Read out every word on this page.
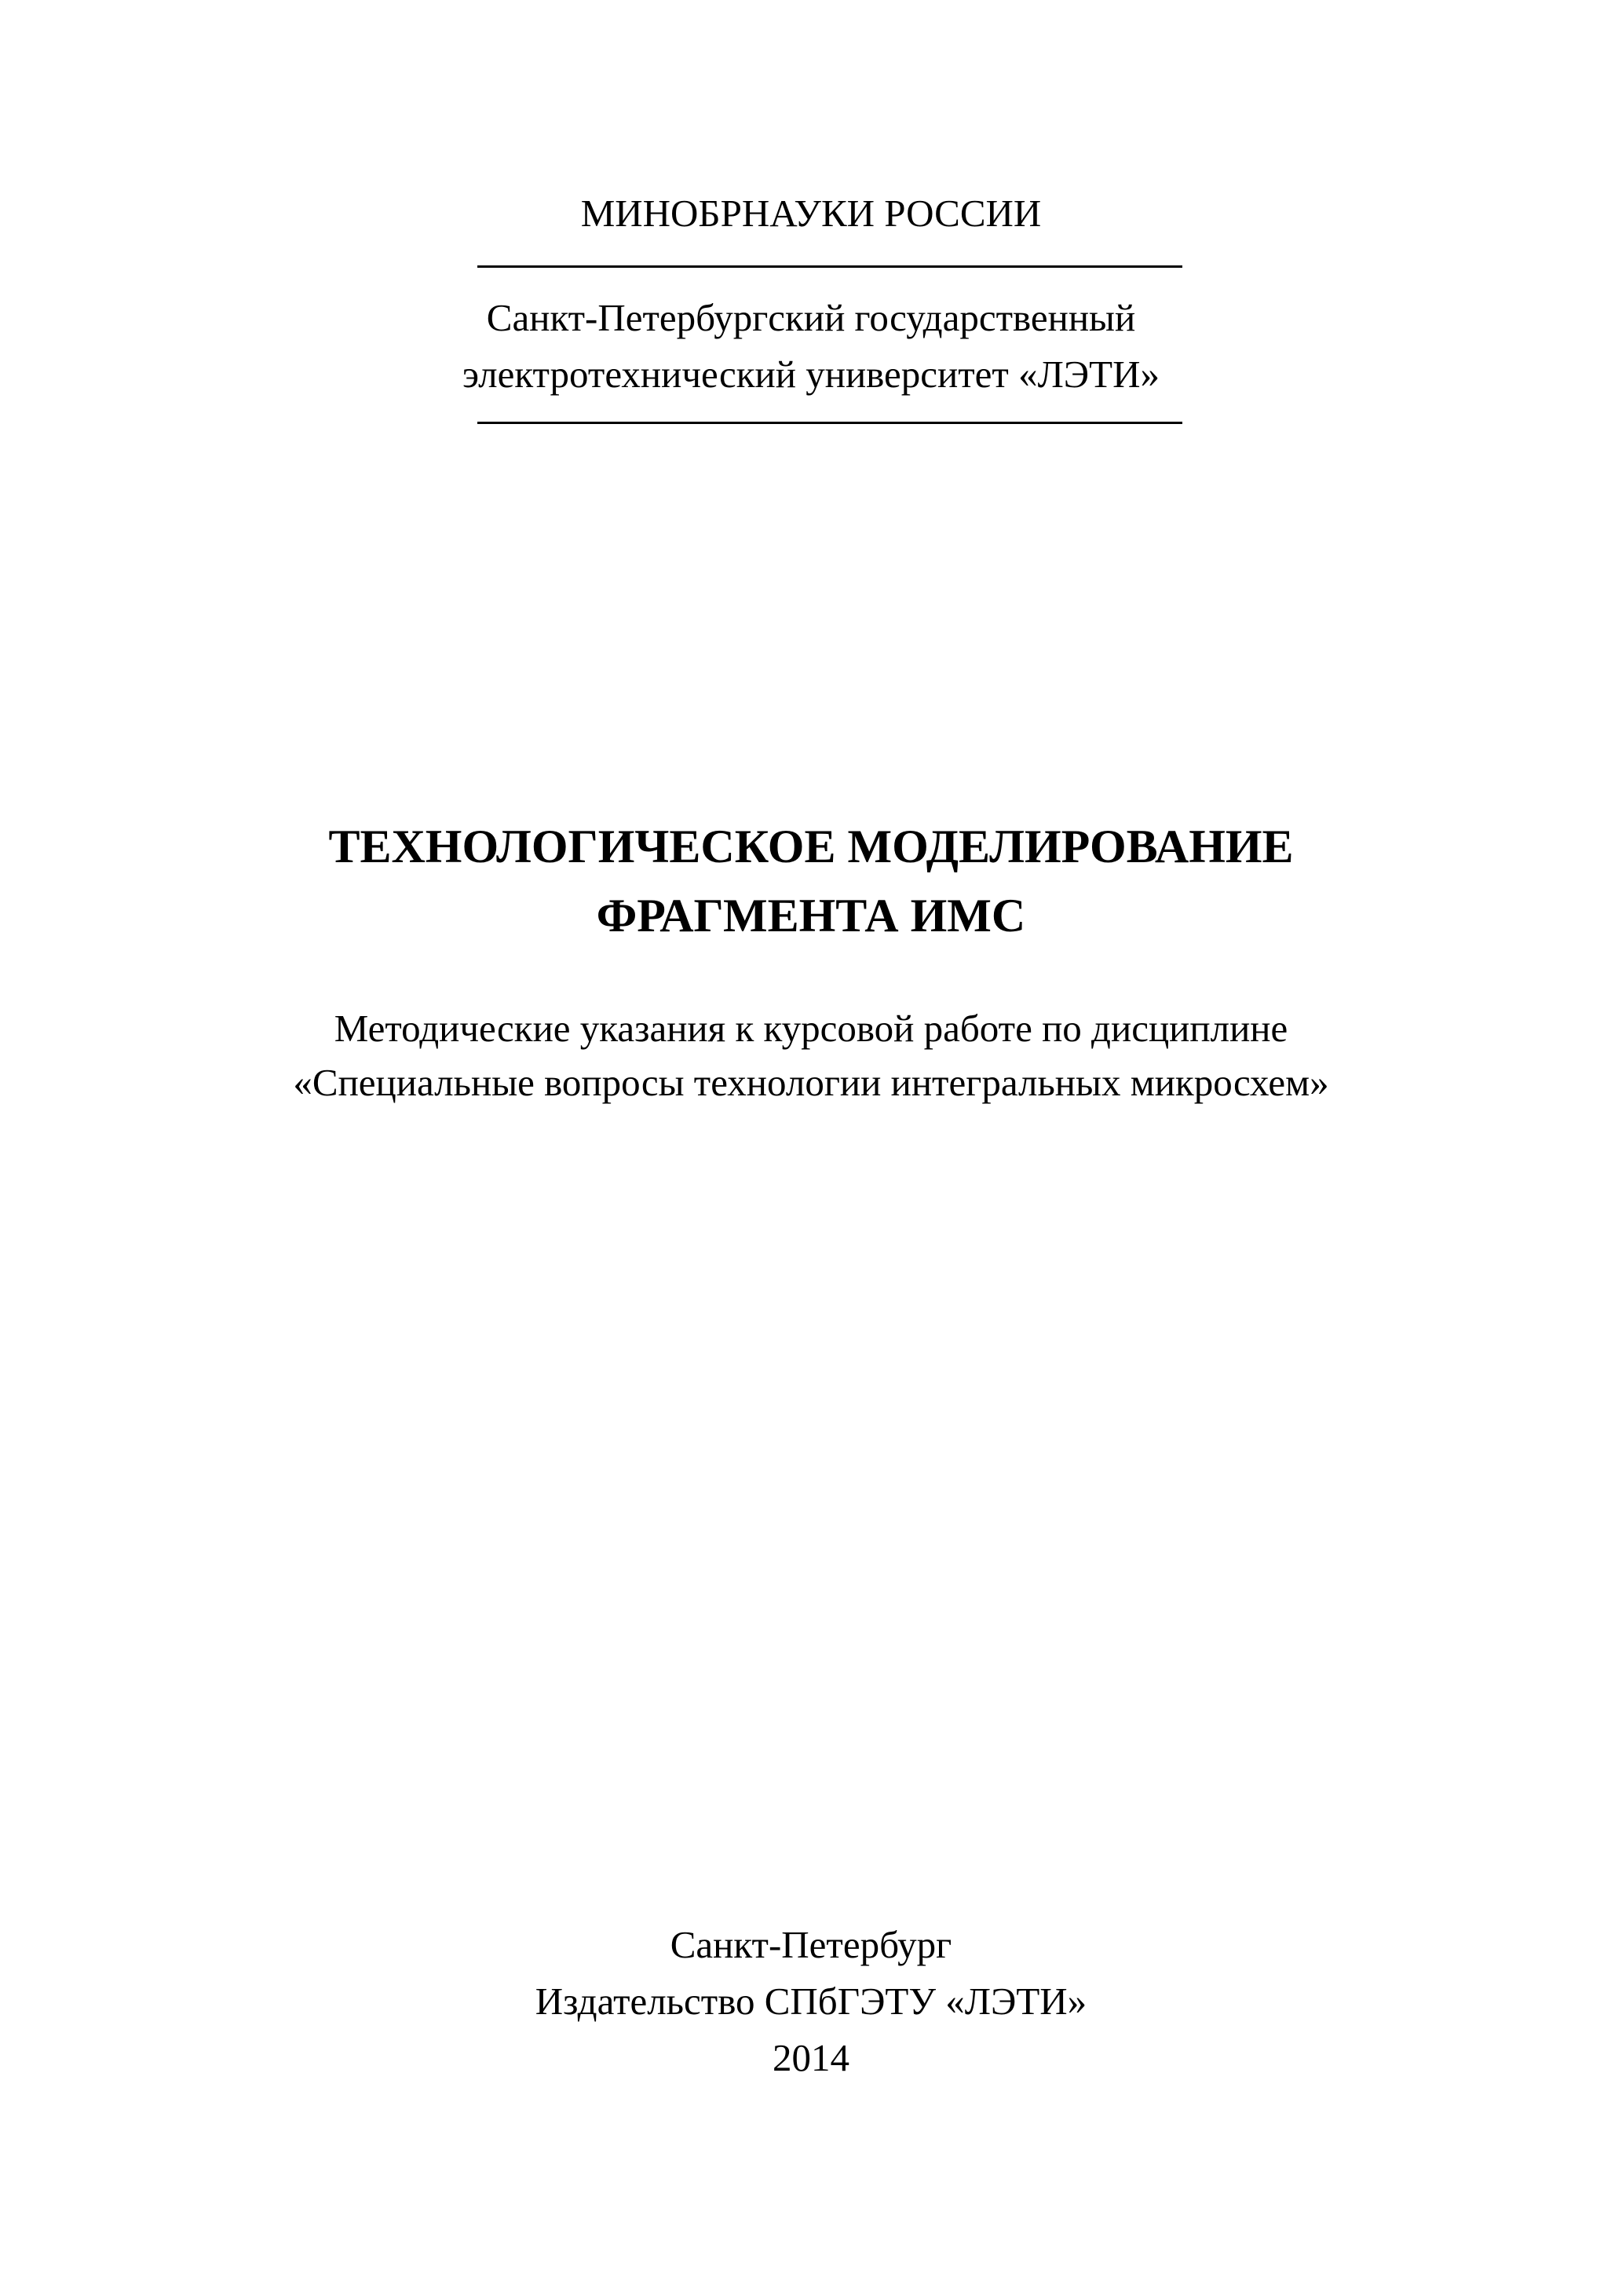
МИНОБРНАУКИ РОССИИ
Санкт-Петербургский государственный
электротехнический университет «ЛЭТИ»
ТЕХНОЛОГИЧЕСКОЕ МОДЕЛИРОВАНИЕ
ФРАГМЕНТА ИМС
Методические указания к курсовой работе по дисциплине
«Специальные вопросы технологии интегральных микросхем»
Санкт-Петербург
Издательство СПбГЭТУ «ЛЭТИ»
2014
